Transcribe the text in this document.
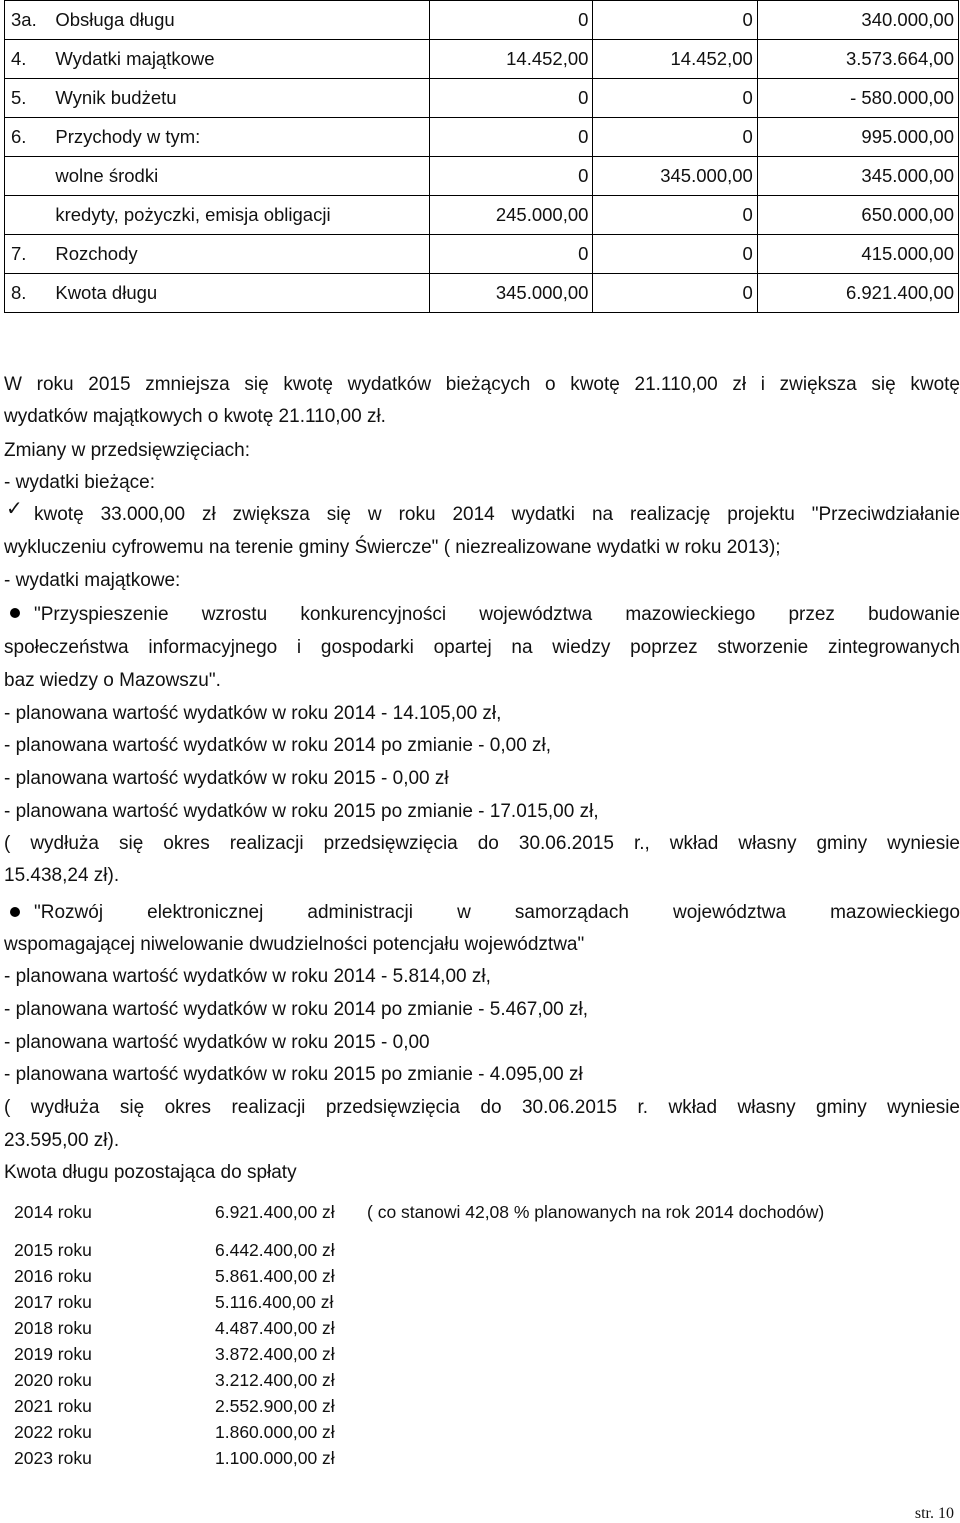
3a.	Obsługa długu	0	0	340.000,00
4.	Wydatki majątkowe	14.452,00	14.452,00	3.573.664,00
5.	Wynik budżetu	0	0	- 580.000,00
6.	Przychody w tym:	0	0	995.000,00
	wolne środki	0	345.000,00	345.000,00
	kredyty, pożyczki, emisja obligacji	245.000,00	0	650.000,00
7.	Rozchody	0	0	415.000,00
8.	Kwota długu	345.000,00	0	6.921.400,00
W roku 2015 zmniejsza się kwotę wydatków bieżących o kwotę 21.110,00 zł i zwiększa się kwotę
wydatków majątkowych o kwotę 21.110,00 zł.
Zmiany w przedsięwzięciach:
- wydatki bieżące:
✓ kwotę 33.000,00 zł zwiększa się w roku 2014 wydatki na realizację projektu "Przeciwdziałanie
wykluczeniu cyfrowemu na terenie gminy Świercze" ( niezrealizowane wydatki w roku 2013);
- wydatki majątkowe:
"Przyspieszenie wzrostu konkurencyjności województwa mazowieckiego przez budowanie
społeczeństwa informacyjnego i gospodarki opartej na wiedzy poprzez stworzenie zintegrowanych
baz wiedzy o Mazowszu".
- planowana wartość wydatków w roku 2014 - 14.105,00 zł,
- planowana wartość wydatków w roku 2014 po zmianie - 0,00 zł,
- planowana wartość wydatków w roku 2015 - 0,00 zł
- planowana wartość wydatków w roku 2015 po zmianie - 17.015,00 zł,
( wydłuża się okres realizacji przedsięwzięcia do 30.06.2015 r., wkład własny gminy wyniesie
15.438,24 zł).
"Rozwój elektronicznej administracji w samorządach województwa mazowieckiego
wspomagającej niwelowanie dwudzielności potencjału województwa"
- planowana wartość wydatków w roku 2014 - 5.814,00 zł,
- planowana wartość wydatków w roku 2014 po zmianie - 5.467,00 zł,
- planowana wartość wydatków w roku 2015 - 0,00
- planowana wartość wydatków w roku 2015 po zmianie - 4.095,00 zł
( wydłuża się okres realizacji przedsięwzięcia do 30.06.2015 r. wkład własny gminy wyniesie
23.595,00 zł).
Kwota długu pozostająca do spłaty
2014 roku	6.921.400,00 zł ( co stanowi 42,08 % planowanych na rok 2014 dochodów)
2015 roku	6.442.400,00 zł
2016 roku	5.861.400,00 zł
2017 roku	5.116.400,00 zł
2018 roku	4.487.400,00 zł
2019 roku	3.872.400,00 zł
2020 roku	3.212.400,00 zł
2021 roku	2.552.900,00 zł
2022 roku	1.860.000,00 zł
2023 roku	1.100.000,00 zł
str. 10
